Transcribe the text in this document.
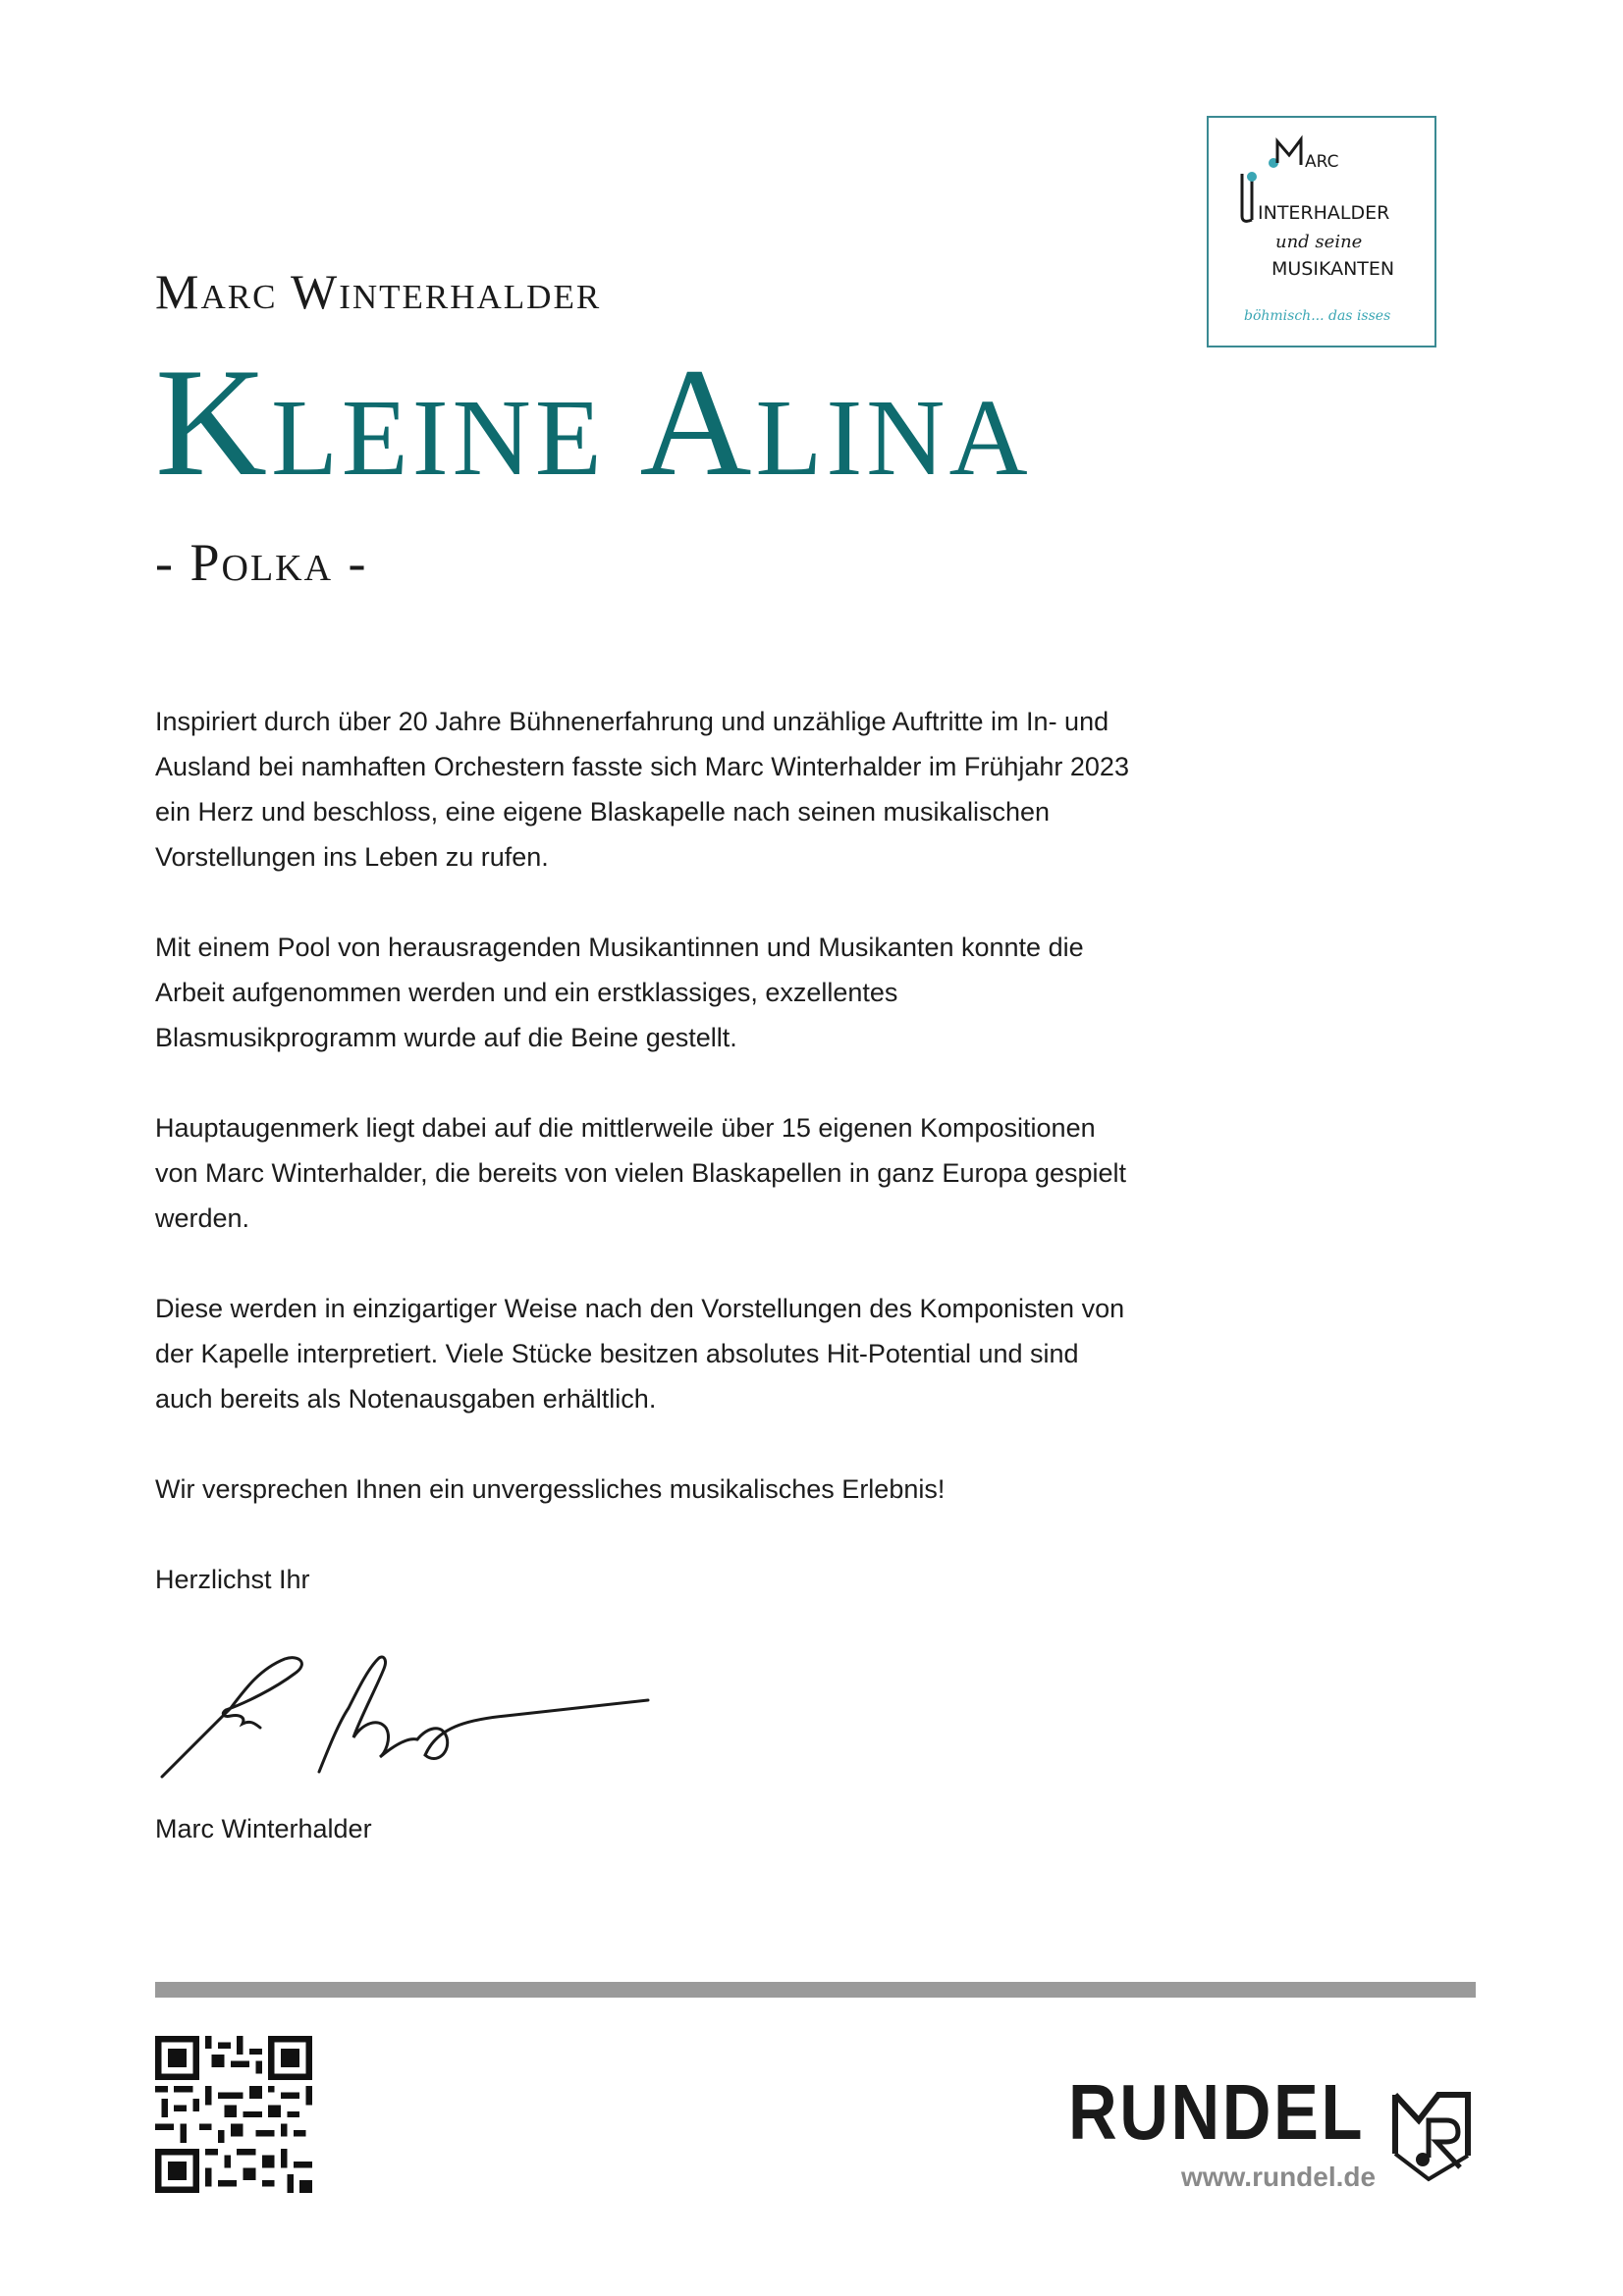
Marc Winterhalder
Kleine Alina
- Polka -
ARC
INTERHALDER
und seine
MUSIKANTEN
böhmisch... das isses

Inspiriert durch über 20 Jahre Bühnenerfahrung und unzählige Auftritte im In- und Ausland bei namhaften Orchestern fasste sich Marc Winterhalder im Frühjahr 2023 ein Herz und beschloss, eine eigene Blaskapelle nach seinen musikalischen Vorstellungen ins Leben zu rufen.

Mit einem Pool von herausragenden Musikantinnen und Musikanten konnte die Arbeit aufgenommen werden und ein erstklassiges, exzellentes Blasmusikprogramm wurde auf die Beine gestellt.

Hauptaugenmerk liegt dabei auf die mittlerweile über 15 eigenen Kompositionen von Marc Winterhalder, die bereits von vielen Blaskapellen in ganz Europa gespielt werden.

Diese werden in einzigartiger Weise nach den Vorstellungen des Komponisten von der Kapelle interpretiert. Viele Stücke besitzen absolutes Hit-Potential und sind auch bereits als Notenausgaben erhältlich.

Wir versprechen Ihnen ein unvergessliches musikalisches Erlebnis!

Herzlichst Ihr

Marc Winterhalder
RUNDEL
www.rundel.de
